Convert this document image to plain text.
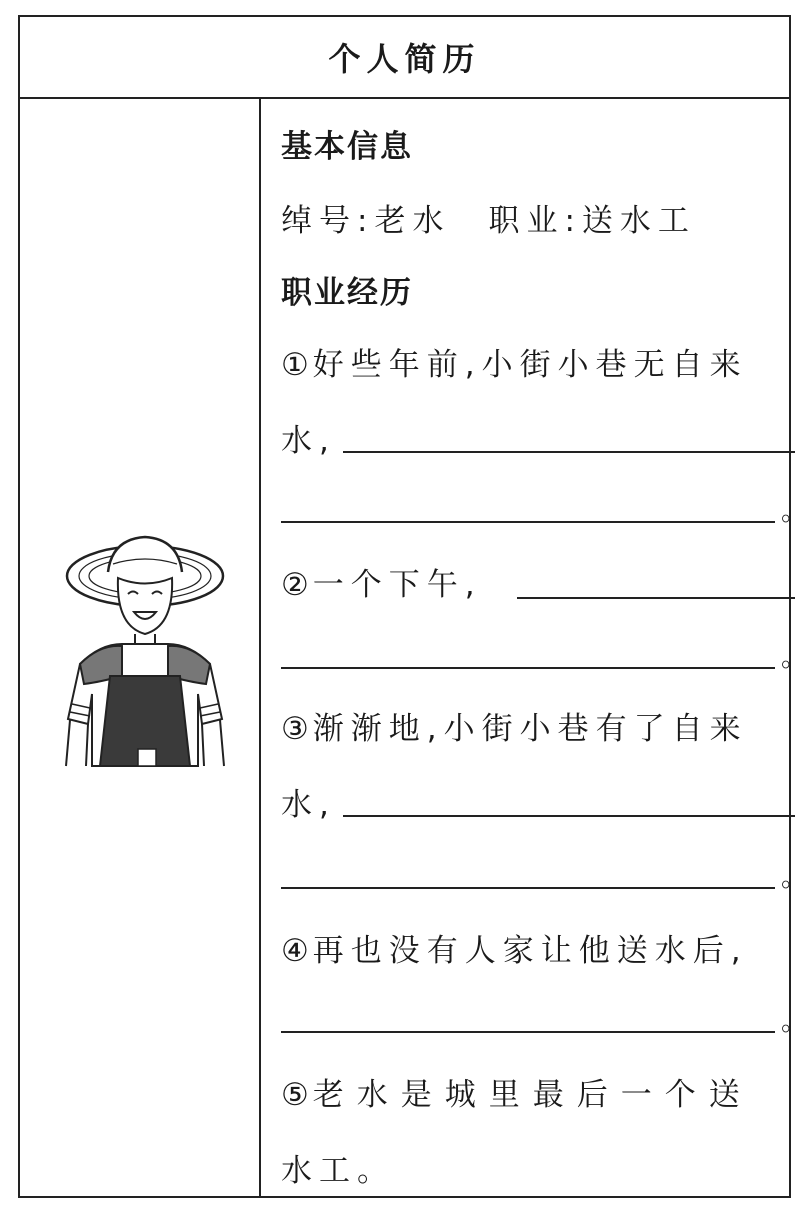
个人简历
基本信息
绰号:老水　职业:送水工
职业经历
① 好些年前,小街小巷无自来
水,
。
② 一个下午,
。
③ 渐渐地,小街小巷有了自来
水,
。
④ 再也没有人家让他送水后,
。
⑤ 老水是城里最后一个送
水工。
